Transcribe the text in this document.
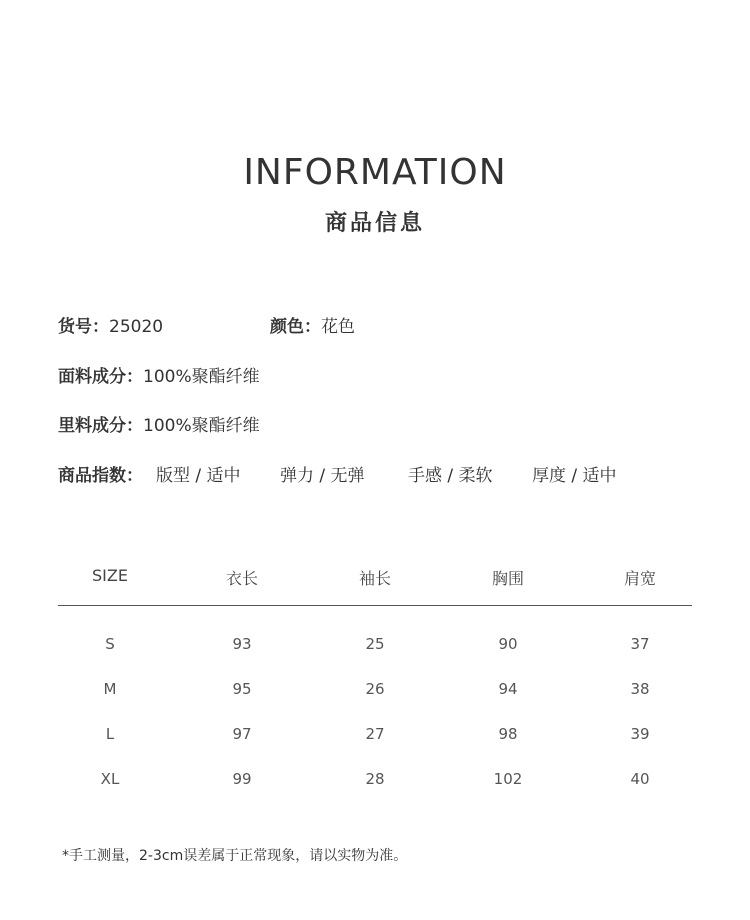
INFORMATION
商品信息
货号：25020	颜色：花色
面料成分：100%聚酯纤维
里料成分：100%聚酯纤维
商品指数： 版型 / 适中 弹力 / 无弹	手感 / 柔软 厚度 / 适中
SIZE	衣长	袖长	胸围	肩宽
S	93	25	90	37
M	95	26	94	38
L	97	27	98	39
XL	99	28	102	40
*手工测量，2-3cm误差属于正常现象，请以实物为准。
